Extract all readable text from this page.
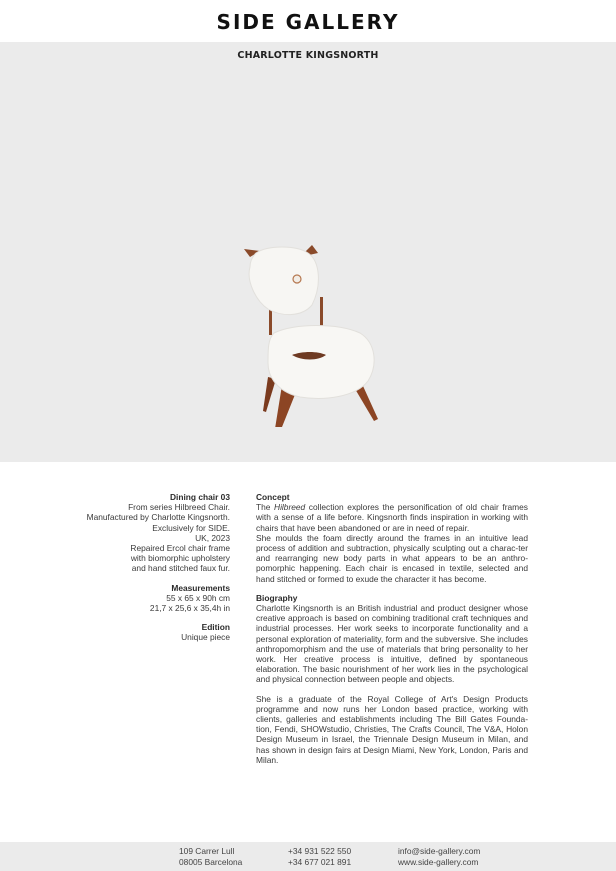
SIDE GALLERY
CHARLOTTE KINGSNORTH
Dining chair 03
From series Hilbreed Chair.
Manufactured by Charlotte Kingsnorth.
Exclusively for SIDE.
UK, 2023
Repaired Ercol chair frame
with biomorphic upholstery
and hand stitched faux fur.
Measurements
55 x 65 x 90h cm
21,7 x 25,6 x 35,4h in
Edition
Unique piece
Concept

The Hilbreed collection explores the personification of old chair frames with a sense of a life before. Kingsnorth finds inspiration in working with chairs that have been abandoned or are in need of repair.
She moulds the foam directly around the frames in an intuitive lead process of addition and subtraction, physically sculpting out a charac-ter and rearranging new body parts in what appears to be an anthro-pomorphic happening. Each chair is encased in textile, selected and hand stitched or formed to exude the character it has become.

Biography

Charlotte Kingsnorth is an British industrial and product designer whose creative approach is based on combining traditional craft techniques and industrial processes. Her work seeks to incorporate functionality and a personal exploration of materiality, form and the subversive. She includes anthropomorphism and the use of materials that bring personality to her work. Her creative process is intuitive, defined by spontaneous elaboration. The basic nourishment of her work lies in the psychological and physical connection between people and objects.

She is a graduate of the Royal College of Art's Design Products programme and now runs her London based practice, working with clients, galleries and establishments including The Bill Gates Founda-tion, Fendi, SHOWstudio, Christies, The Crafts Council, The V&A, Holon Design Museum in Israel, the Triennale Design Museum in Milan, and has shown in design fairs at Design Miami, New York, London, Paris and Milan.

109 Carrer Lull
08005 Barcelona
+34 931 522 550
+34 677 021 891
info@side-gallery.com
www.side-gallery.com
